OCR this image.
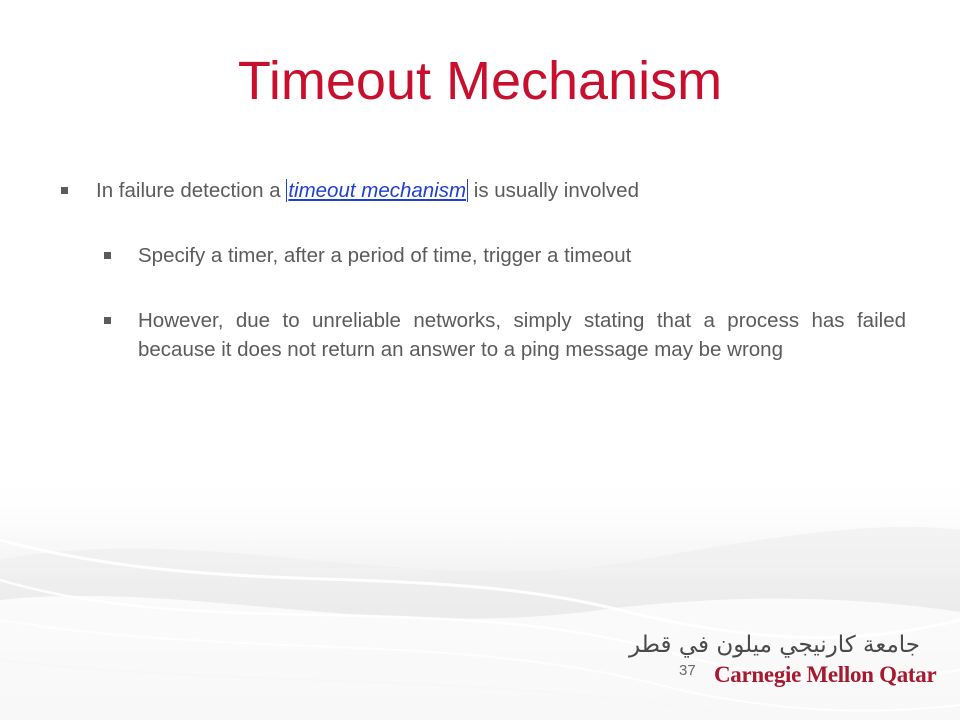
Timeout Mechanism

In failure detection a timeout mechanism is usually involved

Specify a timer, after a period of time, trigger a timeout

However, due to unreliable networks, simply stating that a process has failed because it does not return an answer to a ping message may be wrong

37
جامعة كارنيجي ميلون في قطر
Carnegie Mellon Qatar
